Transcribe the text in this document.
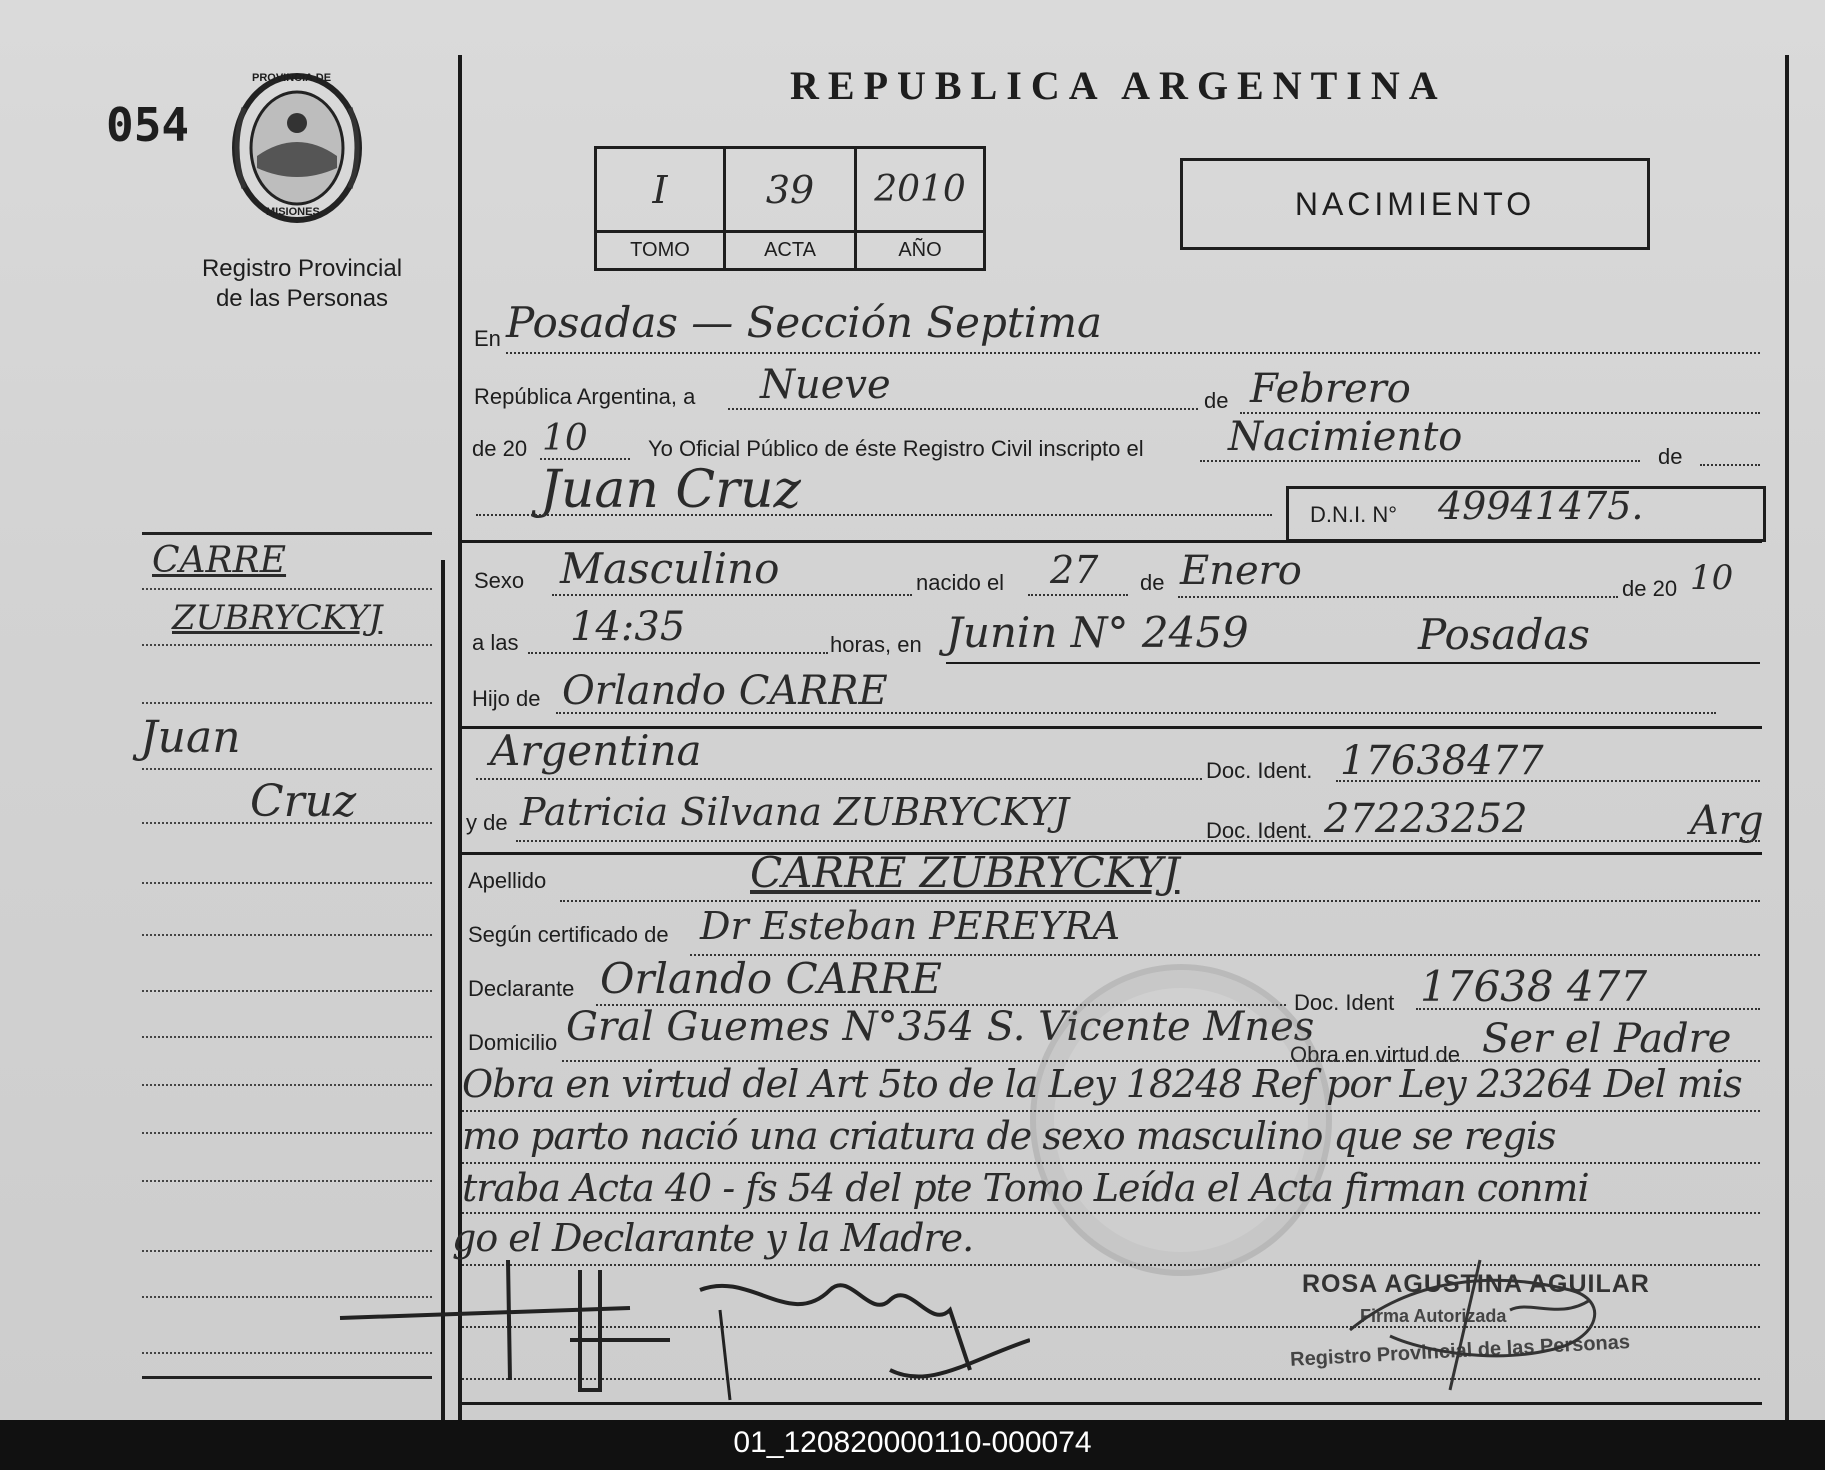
054
PROVINCIA DE
MISIONES
Registro Provincial
de las Personas
REPUBLICA ARGENTINA
I	39	2010
TOMO	ACTA	AÑO
NACIMIENTO
CARRE
ZUBRYCKYJ
Juan
Cruz
En Posadas — Sección Septima
República Argentina, a Nueve	de Febrero
de 20 10	Yo Oficial Público de éste Registro Civil inscripto el Nacimiento	de
Juan Cruz	D.N.I. N° 49941475.
Sexo Masculino	nacido el 27 de Enero	de 20 10
a las 14:35	horas, en Junin N° 2459	Posadas
Hijo de Orlando CARRE
Argentina	Doc. Ident. 17638477
y de Patricia Silvana ZUBRYCKYJ	Doc. Ident. 27223252	Arg
Apellido	CARRE ZUBRYCKYJ
Según certificado de Dr Esteban PEREYRA
Declarante Orlando CARRE	Doc. Ident 17638 477
Domicilio Gral Guemes N°354 S. Vicente Mnes
Obra en virtud de Ser el Padre
Obra en virtud del Art 5to de la Ley 18248 Ref por Ley 23264 Del mis
mo parto nació una criatura de sexo masculino que se regis
traba Acta 40 - fs 54 del pte Tomo Leída el Acta firman conmi
go el Declarante y la Madre.
ROSA AGUSTINA AGUILAR
Firma Autorizada
Registro Provincial de las Personas
01_120820000110-000074
